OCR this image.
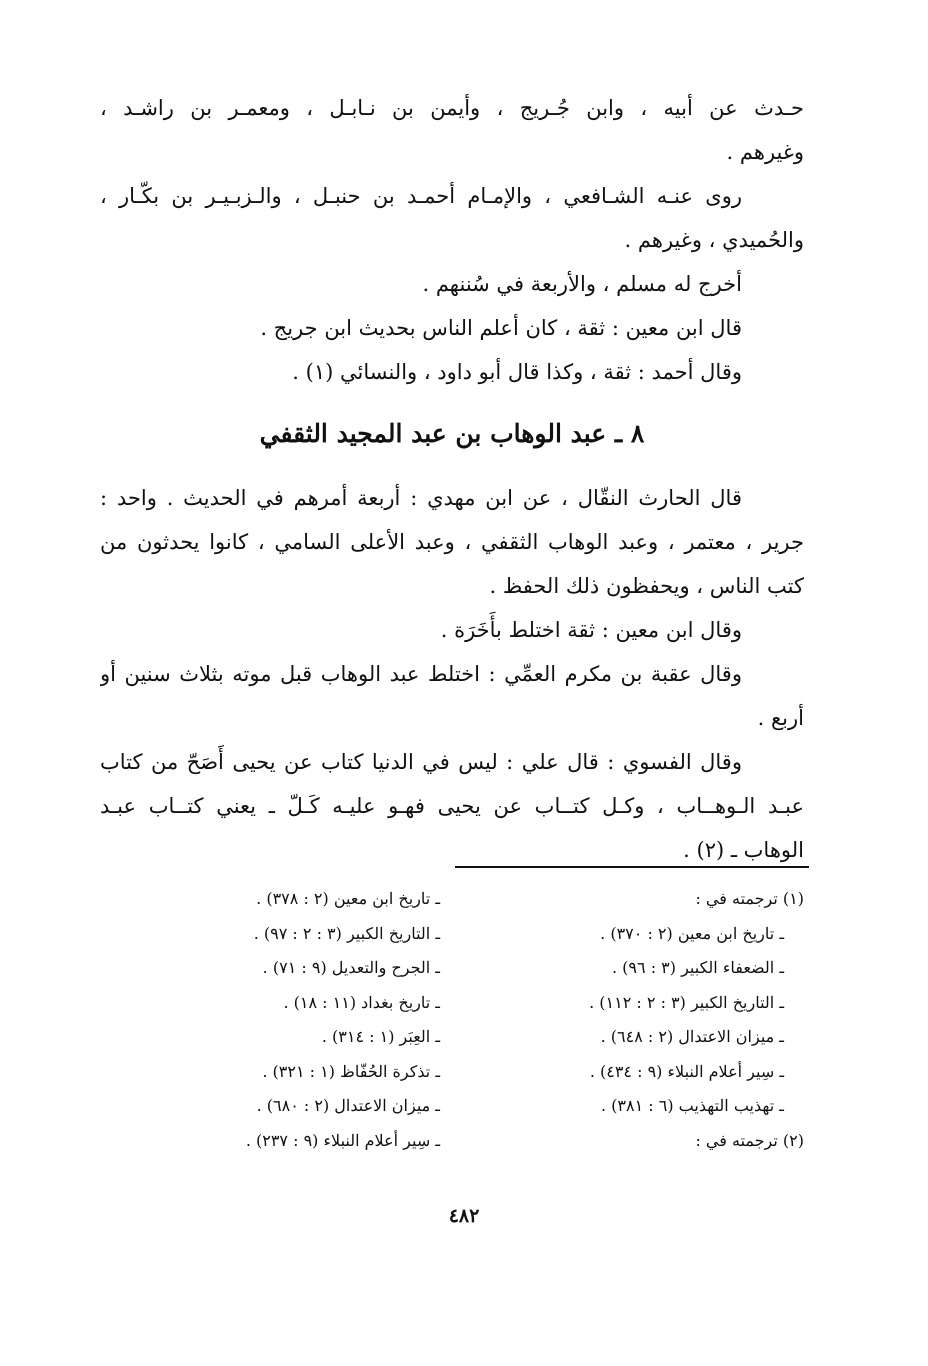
حـدث عن أبيه ، وابن جُـريج ، وأيمن بن نـابـل ، ومعمـر بن راشـد ،
وغيرهم .
روى عنـه الشـافعي ، والإمـام أحمـد بن حنبـل ، والـزبـيـر بن بكّـار ،
والحُميدي ، وغيرهم .
أخرج له مسلم ، والأربعة في سُننهم .
قال ابن معين : ثقة ، كان أعلم الناس بحديث ابن جريج .
وقال أحمد : ثقة ، وكذا قال أبو داود ، والنسائي (١) .
٨ ـ عبد الوهاب بن عبد المجيد الثقفي
قال الحارث النقّال ، عن ابن مهدي : أربعة أمرهم في الحديث . واحد :
جرير ، معتمر ، وعبد الوهاب الثقفي ، وعبد الأعلى السامي ، كانوا يحدثون من
كتب الناس ، ويحفظون ذلك الحفظ .
وقال ابن معين : ثقة اختلط بأَخَرَة .
وقال عقبة بن مكرم العمِّي : اختلط عبد الوهاب قبل موته بثلاث سنين أو
أربع .
وقال الفسوي : قال علي : ليس في الدنيا كتاب عن يحيى أَصَحّ من كتاب
عبـد الـوهــاب ، وكـل كتــاب عن يحيى فهـو عليـه كَـلّ ـ يعني كتــاب عبـد
الوهاب ـ (٢) .
(١) ترجمته في :
ـ تاريخ ابن معين (٢ : ٣٧٠) .
ـ الضعفاء الكبير (٣ : ٩٦) .
ـ التاريخ الكبير (٣ : ٢ : ١١٢) .
ـ ميزان الاعتدال (٢ : ٦٤٨) .
ـ سِير أعلام النبلاء (٩ : ٤٣٤) .
ـ تهذيب التهذيب (٦ : ٣٨١) .
(٢) ترجمته في :
ـ تاريخ ابن معين (٢ : ٣٧٨) .
ـ التاريخ الكبير (٣ : ٢ : ٩٧) .
ـ الجرح والتعديل (٩ : ٧١) .
ـ تاريخ بغداد (١١ : ١٨) .
ـ العِبَر (١ : ٣١٤) .
ـ تذكرة الحُفّاظ (١ : ٣٢١) .
ـ ميزان الاعتدال (٢ : ٦٨٠) .
ـ سِير أعلام النبلاء (٩ : ٢٣٧) .
٤٨٢
